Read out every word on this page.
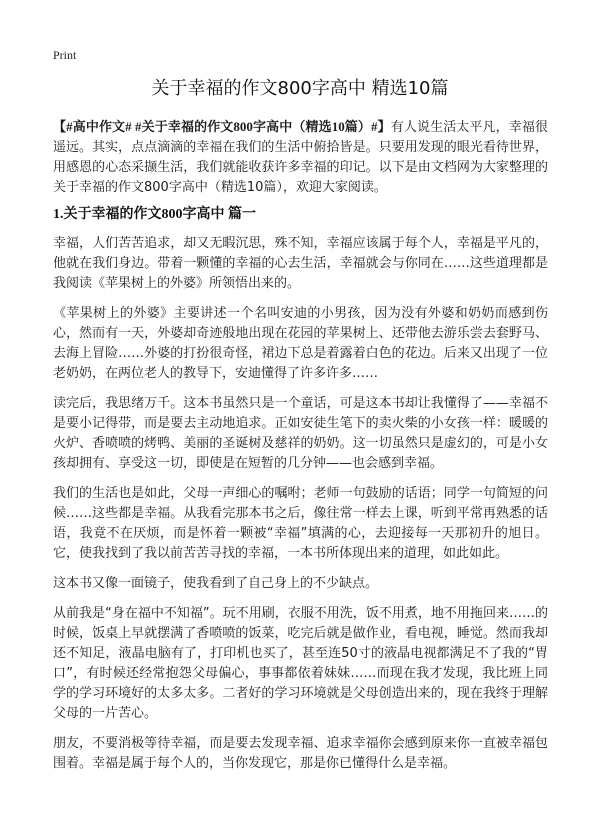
Print
关于幸福的作文800字高中 精选10篇

【#高中作文# #关于幸福的作文800字高中（精选10篇）#】有人说生活太平凡，幸福很遥远。其实，点点滴滴的幸福在我们的生活中俯拾皆是。只要用发现的眼光看待世界，用感恩的心态采撷生活，我们就能收获许多幸福的印记。以下是由文档网为大家整理的关于幸福的作文800字高中（精选10篇），欢迎大家阅读。

1.关于幸福的作文800字高中 篇一

幸福，人们苦苦追求，却又无暇沉思，殊不知，幸福应该属于每个人，幸福是平凡的，他就在我们身边。带着一颗懂的幸福的心去生活，幸福就会与你同在……这些道理都是我阅读《苹果树上的外婆》所领悟出来的。

《苹果树上的外婆》主要讲述一个名叫安迪的小男孩，因为没有外婆和奶奶而感到伤心，然而有一天，外婆却奇迹般地出现在花园的苹果树上、还带他去游乐尝去套野马、去海上冒险……外婆的打扮很奇怪，裙边下总是着露着白色的花边。后来又出现了一位老奶奶，在两位老人的教导下，安迪懂得了许多许多……

读完后，我思绪万千。这本书虽然只是一个童话，可是这本书却让我懂得了——幸福不是要小记得带，而是要去主动地追求。正如安徒生笔下的卖火柴的小女孩一样：暖暖的火炉、香喷喷的烤鸭、美丽的圣诞树及慈祥的奶奶。这一切虽然只是虚幻的，可是小女孩却拥有、享受这一切，即使是在短暂的几分钟——也会感到幸福。

我们的生活也是如此，父母一声细心的嘱咐；老师一句鼓励的话语；同学一句简短的问候……这些都是幸福。从我看完那本书之后，像往常一样去上课，听到平常再熟悉的话语，我竟不在厌烦，而是怀着一颗被“幸福”填满的心，去迎接每一天那初升的旭日。它，使我找到了我以前苦苦寻找的幸福，一本书所体现出来的道理，如此如此。

这本书又像一面镜子，使我看到了自己身上的不少缺点。

从前我是“身在福中不知福”。玩不用刷，衣服不用洗，饭不用煮，地不用拖回来……的时候，饭桌上早就摆满了香喷喷的饭菜，吃完后就是做作业，看电视，睡觉。然而我却还不知足，液晶电脑有了，打印机也买了，甚至连50寸的液晶电视都满足不了我的“胃口”，有时候还经常抱怨父母偏心，事事都依着妹妹……而现在我才发现，我比班上同学的学习环境好的太多太多。二者好的学习环境就是父母创造出来的，现在我终于理解父母的一片苦心。

朋友，不要消极等待幸福，而是要去发现幸福、追求幸福你会感到原来你一直被幸福包围着。幸福是属于每个人的，当你发现它，那是你已懂得什么是幸福。
